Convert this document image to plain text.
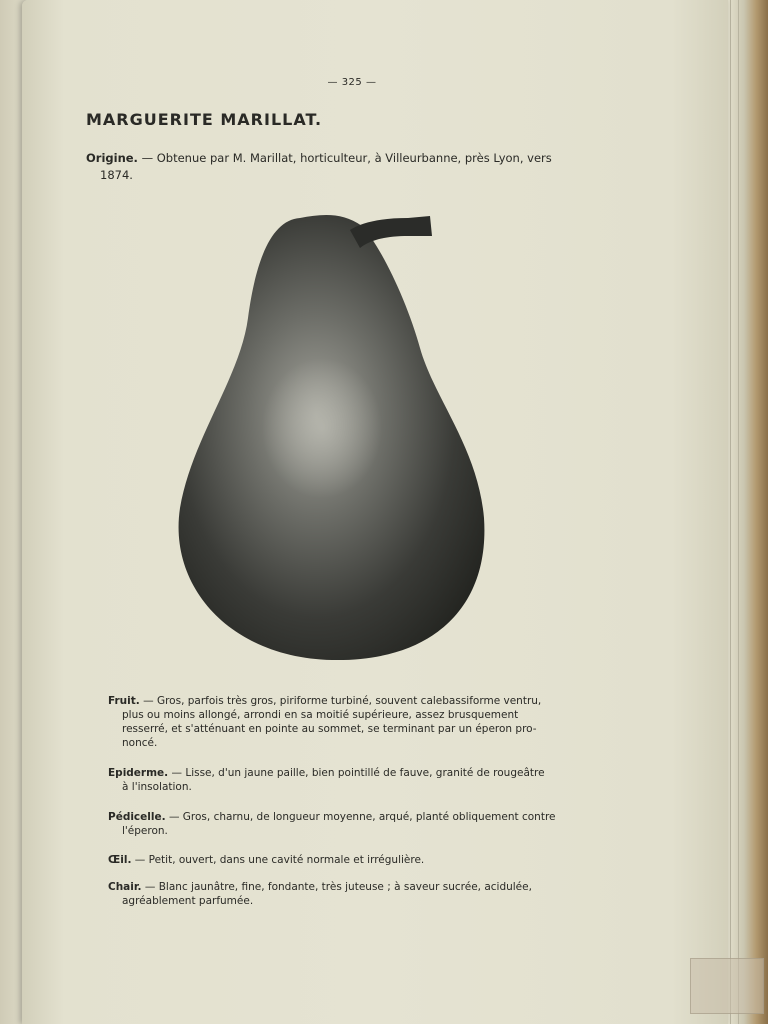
— 325 —
MARGUERITE MARILLAT.
Origine. — Obtenue par M. Marillat, horticulteur, à Villeurbanne, près Lyon, vers
1874.
Fruit. — Gros, parfois très gros, piriforme turbiné, souvent calebassiforme ventru,
plus ou moins allongé, arrondi en sa moitié supérieure, assez brusquement
resserré, et s'atténuant en pointe au sommet, se terminant par un éperon pro-
noncé.
Epiderme. — Lisse, d'un jaune paille, bien pointillé de fauve, granité de rougeâtre
à l'insolation.
Pédicelle. — Gros, charnu, de longueur moyenne, arqué, planté obliquement contre
l'éperon.
Œil. — Petit, ouvert, dans une cavité normale et irrégulière.
Chair. — Blanc jaunâtre, fine, fondante, très juteuse ; à saveur sucrée, acidulée,
agréablement parfumée.
